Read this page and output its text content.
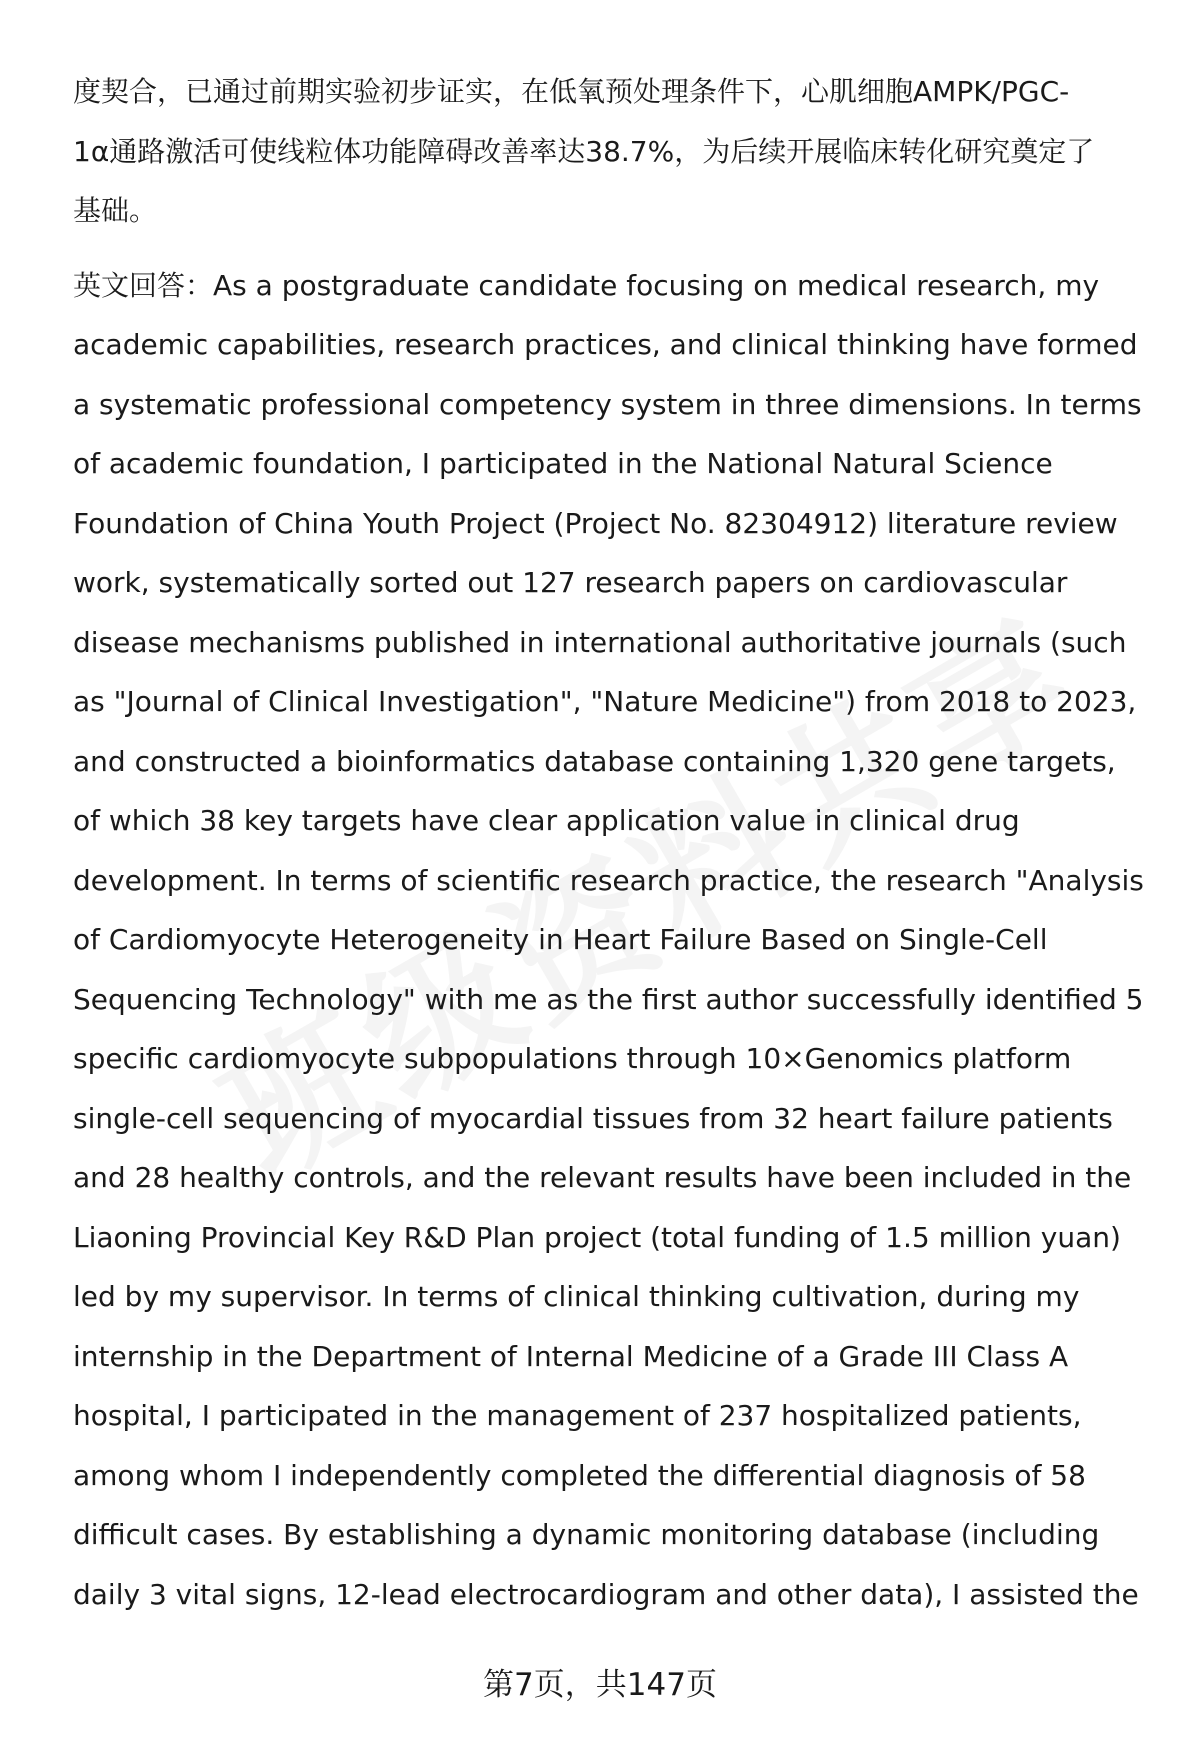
度契合，已通过前期实验初步证实，在低氧预处理条件下，心肌细胞AMPK/PGC-
1α通路激活可使线粒体功能障碍改善率达38.7%，为后续开展临床转化研究奠定了
基础。

英文回答：As a postgraduate candidate focusing on medical research, my
academic capabilities, research practices, and clinical thinking have formed
a systematic professional competency system in three dimensions. In terms
of academic foundation, I participated in the National Natural Science
Foundation of China Youth Project (Project No. 82304912) literature review
work, systematically sorted out 127 research papers on cardiovascular
disease mechanisms published in international authoritative journals (such
as "Journal of Clinical Investigation", "Nature Medicine") from 2018 to 2023,
and constructed a bioinformatics database containing 1,320 gene targets,
of which 38 key targets have clear application value in clinical drug
development. In terms of scientific research practice, the research "Analysis
of Cardiomyocyte Heterogeneity in Heart Failure Based on Single-Cell
Sequencing Technology" with me as the first author successfully identified 5
specific cardiomyocyte subpopulations through 10×Genomics platform
single-cell sequencing of myocardial tissues from 32 heart failure patients
and 28 healthy controls, and the relevant results have been included in the
Liaoning Provincial Key R&D Plan project (total funding of 1.5 million yuan)
led by my supervisor. In terms of clinical thinking cultivation, during my
internship in the Department of Internal Medicine of a Grade III Class A
hospital, I participated in the management of 237 hospitalized patients,
among whom I independently completed the differential diagnosis of 58
difficult cases. By establishing a dynamic monitoring database (including
daily 3 vital signs, 12-lead electrocardiogram and other data), I assisted the

第7页，共147页
